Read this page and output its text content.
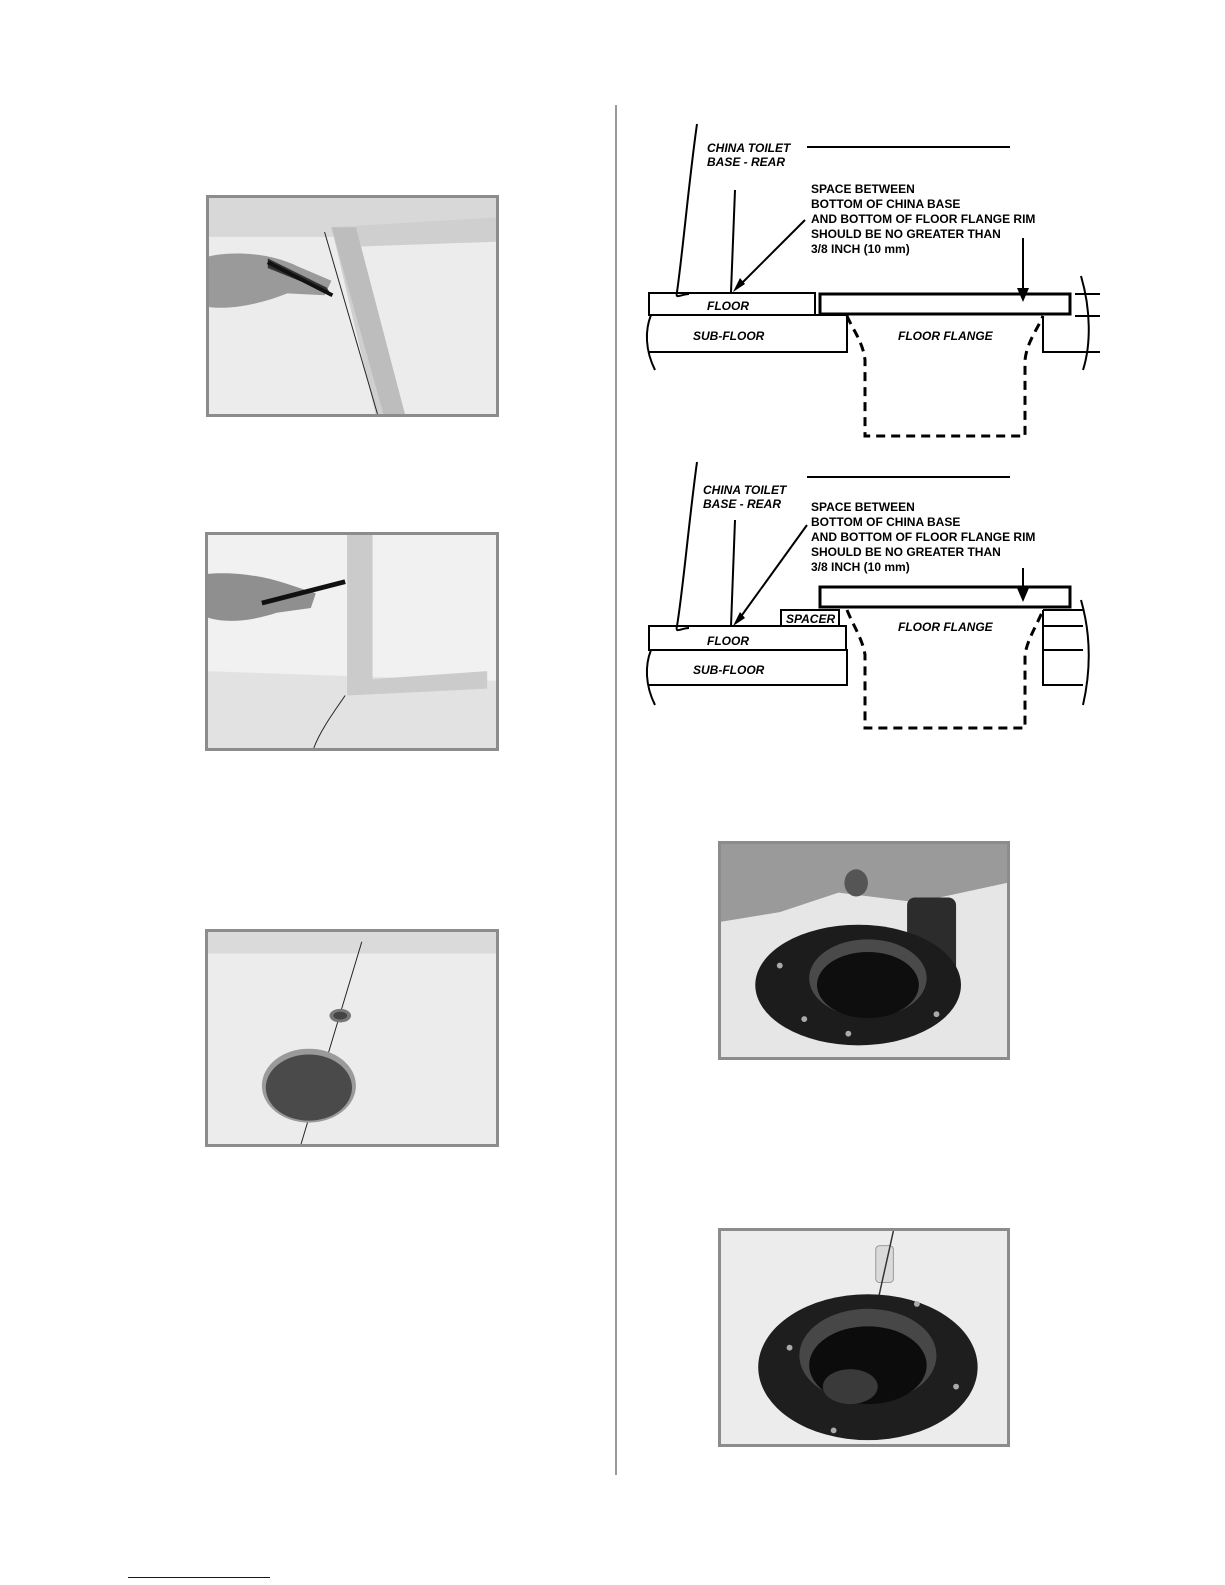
CHINA TOILET
BASE - REAR
SPACE BETWEEN
BOTTOM OF CHINA BASE
AND BOTTOM OF FLOOR FLANGE RIM
SHOULD BE NO GREATER THAN
3/8 INCH (10 mm)
FLOOR
SUB-FLOOR	FLOOR FLANGE
CHINA TOILET
BASE - REAR SPACE BETWEEN
BOTTOM OF CHINA BASE
AND BOTTOM OF FLOOR FLANGE RIM
SHOULD BE NO GREATER THAN
3/8 INCH (10 mm)
SPACER
FLOOR
SUB-FLOOR
FLOOR FLANGE
